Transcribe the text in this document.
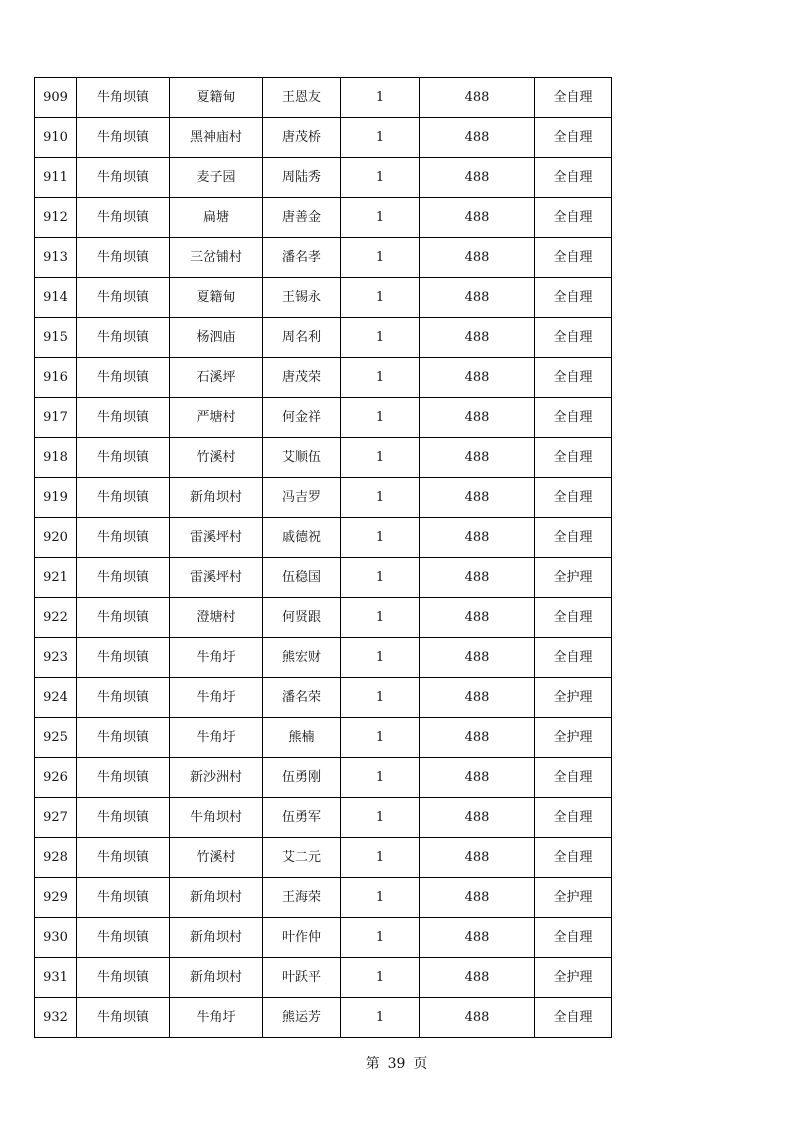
909	牛角坝镇	夏籍甸	王恩友	1	488	全自理
910	牛角坝镇	黑神庙村	唐茂桥	1	488	全自理
911	牛角坝镇	麦子园	周陆秀	1	488	全自理
912	牛角坝镇	扁塘	唐善金	1	488	全自理
913	牛角坝镇	三岔铺村	潘名孝	1	488	全自理
914	牛角坝镇	夏籍甸	王锡永	1	488	全自理
915	牛角坝镇	杨泗庙	周名利	1	488	全自理
916	牛角坝镇	石溪坪	唐茂荣	1	488	全自理
917	牛角坝镇	严塘村	何金祥	1	488	全自理
918	牛角坝镇	竹溪村	艾顺伍	1	488	全自理
919	牛角坝镇	新角坝村	冯吉罗	1	488	全自理
920	牛角坝镇	雷溪坪村	戚德祝	1	488	全自理
921	牛角坝镇	雷溪坪村	伍稳国	1	488	全护理
922	牛角坝镇	澄塘村	何贤跟	1	488	全自理
923	牛角坝镇	牛角圩	熊宏财	1	488	全自理
924	牛角坝镇	牛角圩	潘名荣	1	488	全护理
925	牛角坝镇	牛角圩	熊楠	1	488	全护理
926	牛角坝镇	新沙洲村	伍勇刚	1	488	全自理
927	牛角坝镇	牛角坝村	伍勇军	1	488	全自理
928	牛角坝镇	竹溪村	艾二元	1	488	全自理
929	牛角坝镇	新角坝村	王海荣	1	488	全护理
930	牛角坝镇	新角坝村	叶作仲	1	488	全自理
931	牛角坝镇	新角坝村	叶跃平	1	488	全护理
932	牛角坝镇	牛角圩	熊运芳	1	488	全自理
第 39 页
